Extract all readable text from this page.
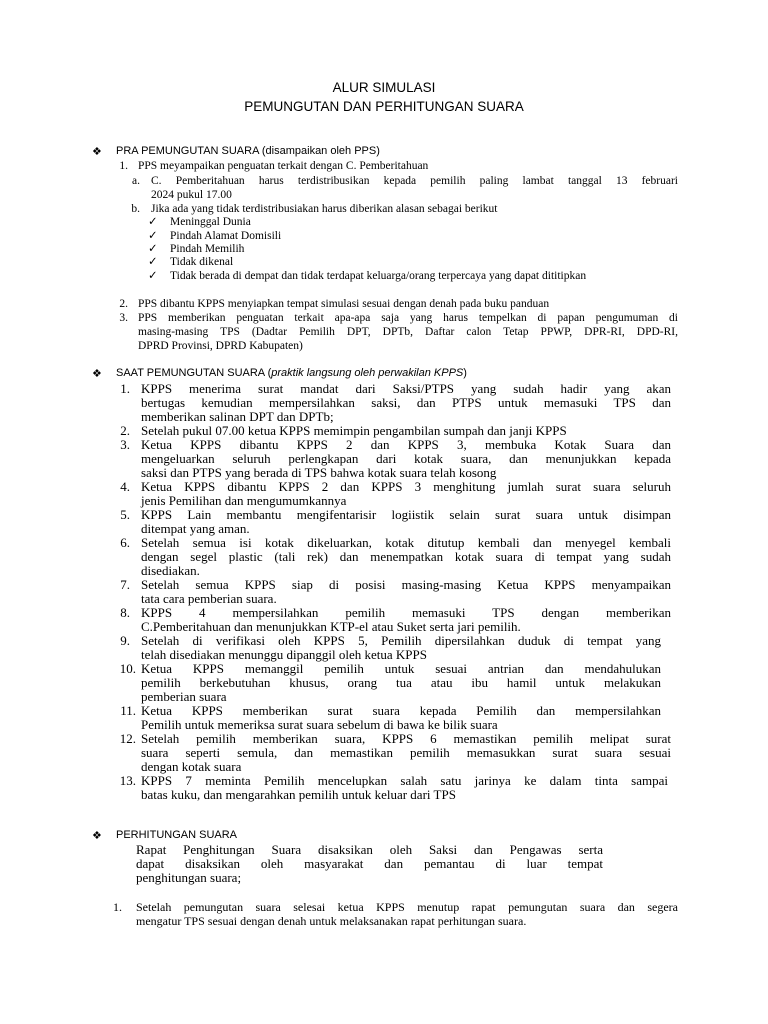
ALUR SIMULASI
PEMUNGUTAN DAN PERHITUNGAN SUARA
❖ PRA PEMUNGUTAN SUARA (disampaikan oleh PPS)
1. PPS meyampaikan penguatan terkait dengan C. Pemberitahuan
a. C. Pemberitahuan harus terdistribusikan kepada pemilih paling lambat tanggal 13 februari
2024 pukul 17.00
b. Jika ada yang tidak terdistribusiakan harus diberikan alasan sebagai berikut
✓ Meninggal Dunia
✓ Pindah Alamat Domisili
✓ Pindah Memilih
✓ Tidak dikenal
✓ Tidak berada di dempat dan tidak terdapat keluarga/orang terpercaya yang dapat dititipkan
2. PPS dibantu KPPS menyiapkan tempat simulasi sesuai dengan denah pada buku panduan
3. PPS memberikan penguatan terkait apa-apa saja yang harus tempelkan di papan pengumuman di
masing-masing TPS (Dadtar Pemilih DPT, DPTb, Daftar calon Tetap PPWP, DPR-RI, DPD-RI,
DPRD Provinsi, DPRD Kabupaten)
❖ SAAT PEMUNGUTAN SUARA (praktik langsung oleh perwakilan KPPS)
1. KPPS menerima surat mandat dari Saksi/PTPS yang sudah hadir yang akan
bertugas kemudian mempersilahkan saksi, dan PTPS untuk memasuki TPS dan
memberikan salinan DPT dan DPTb;
2. Setelah pukul 07.00 ketua KPPS memimpin pengambilan sumpah dan janji KPPS
3. Ketua KPPS dibantu KPPS 2 dan KPPS 3, membuka Kotak Suara dan
mengeluarkan seluruh perlengkapan dari kotak suara, dan menunjukkan kepada
saksi dan PTPS yang berada di TPS bahwa kotak suara telah kosong
4. Ketua KPPS dibantu KPPS 2 dan KPPS 3 menghitung jumlah surat suara seluruh
jenis Pemilihan dan mengumumkannya
5. KPPS Lain membantu mengifentarisir logiistik selain surat suara untuk disimpan
ditempat yang aman.
6. Setelah semua isi kotak dikeluarkan, kotak ditutup kembali dan menyegel kembali
dengan segel plastic (tali rek) dan menempatkan kotak suara di tempat yang sudah
disediakan.
7. Setelah semua KPPS siap di posisi masing-masing Ketua KPPS menyampaikan
tata cara pemberian suara.
8. KPPS 4 mempersilahkan pemilih memasuki TPS dengan memberikan
C.Pemberitahuan dan menunjukkan KTP-el atau Suket serta jari pemilih.
9. Setelah di verifikasi oleh KPPS 5, Pemilih dipersilahkan duduk di tempat yang
telah disediakan menunggu dipanggil oleh ketua KPPS
10. Ketua KPPS memanggil pemilih untuk sesuai antrian dan mendahulukan
pemilih berkebutuhan khusus, orang tua atau ibu hamil untuk melakukan
pemberian suara
11. Ketua KPPS memberikan surat suara kepada Pemilih dan mempersilahkan
Pemilih untuk memeriksa surat suara sebelum di bawa ke bilik suara
12. Setelah pemilih memberikan suara, KPPS 6 memastikan pemilih melipat surat
suara seperti semula, dan memastikan pemilih memasukkan surat suara sesuai
dengan kotak suara
13. KPPS 7 meminta Pemilih mencelupkan salah satu jarinya ke dalam tinta sampai
batas kuku, dan mengarahkan pemilih untuk keluar dari TPS
❖ PERHITUNGAN SUARA
Rapat Penghitungan Suara disaksikan oleh Saksi dan Pengawas serta
dapat disaksikan oleh masyarakat dan pemantau di luar tempat
penghitungan suara;
1. Setelah pemungutan suara selesai ketua KPPS menutup rapat pemungutan suara dan segera
mengatur TPS sesuai dengan denah untuk melaksanakan rapat perhitungan suara.
